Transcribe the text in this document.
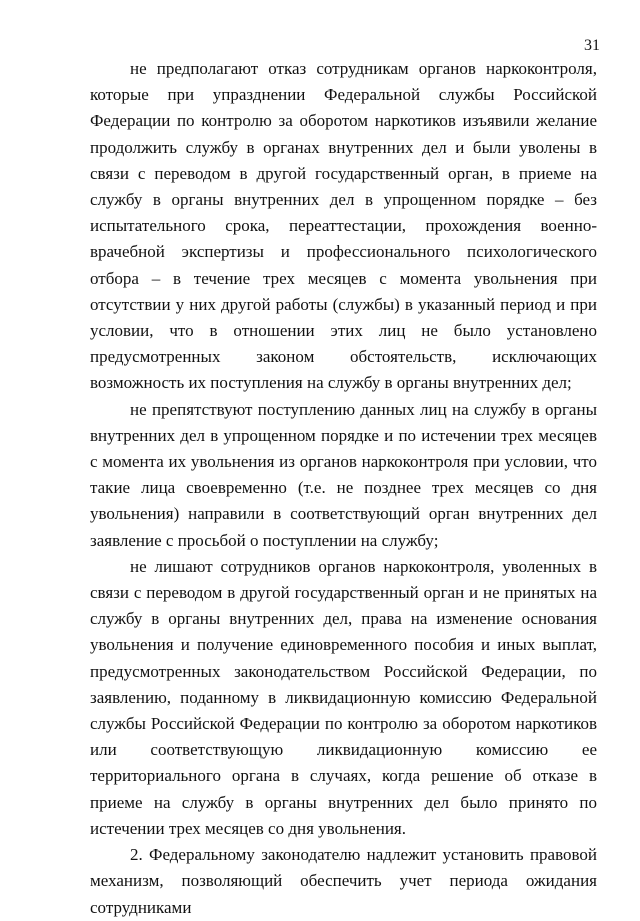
31

не предполагают отказ сотрудникам органов наркоконтроля, которые при упразднении Федеральной службы Российской Федерации по контролю за оборотом наркотиков изъявили желание продолжить службу в органах внутренних дел и были уволены в связи с переводом в другой государственный орган, в приеме на службу в органы внутренних дел в упрощенном порядке – без испытательного срока, переаттестации, прохождения военно-врачебной экспертизы и профессионального психологического отбора – в течение трех месяцев с момента увольнения при отсутствии у них другой работы (службы) в указанный период и при условии, что в отношении этих лиц не было установлено предусмотренных законом обстоятельств, исключающих возможность их поступления на службу в органы внутренних дел;

не препятствуют поступлению данных лиц на службу в органы внутренних дел в упрощенном порядке и по истечении трех месяцев с момента их увольнения из органов наркоконтроля при условии, что такие лица своевременно (т.е. не позднее трех месяцев со дня увольнения) направили в соответствующий орган внутренних дел заявление с просьбой о поступлении на службу;

не лишают сотрудников органов наркоконтроля, уволенных в связи с переводом в другой государственный орган и не принятых на службу в органы внутренних дел, права на изменение основания увольнения и получение единовременного пособия и иных выплат, предусмотренных законодательством Российской Федерации, по заявлению, поданному в ликвидационную комиссию Федеральной службы Российской Федерации по контролю за оборотом наркотиков или соответствующую ликвидационную комиссию ее территориального органа в случаях, когда решение об отказе в приеме на службу в органы внутренних дел было принято по истечении трех месяцев со дня увольнения.

2. Федеральному законодателю надлежит установить правовой механизм, позволяющий обеспечить учет периода ожидания сотрудниками
